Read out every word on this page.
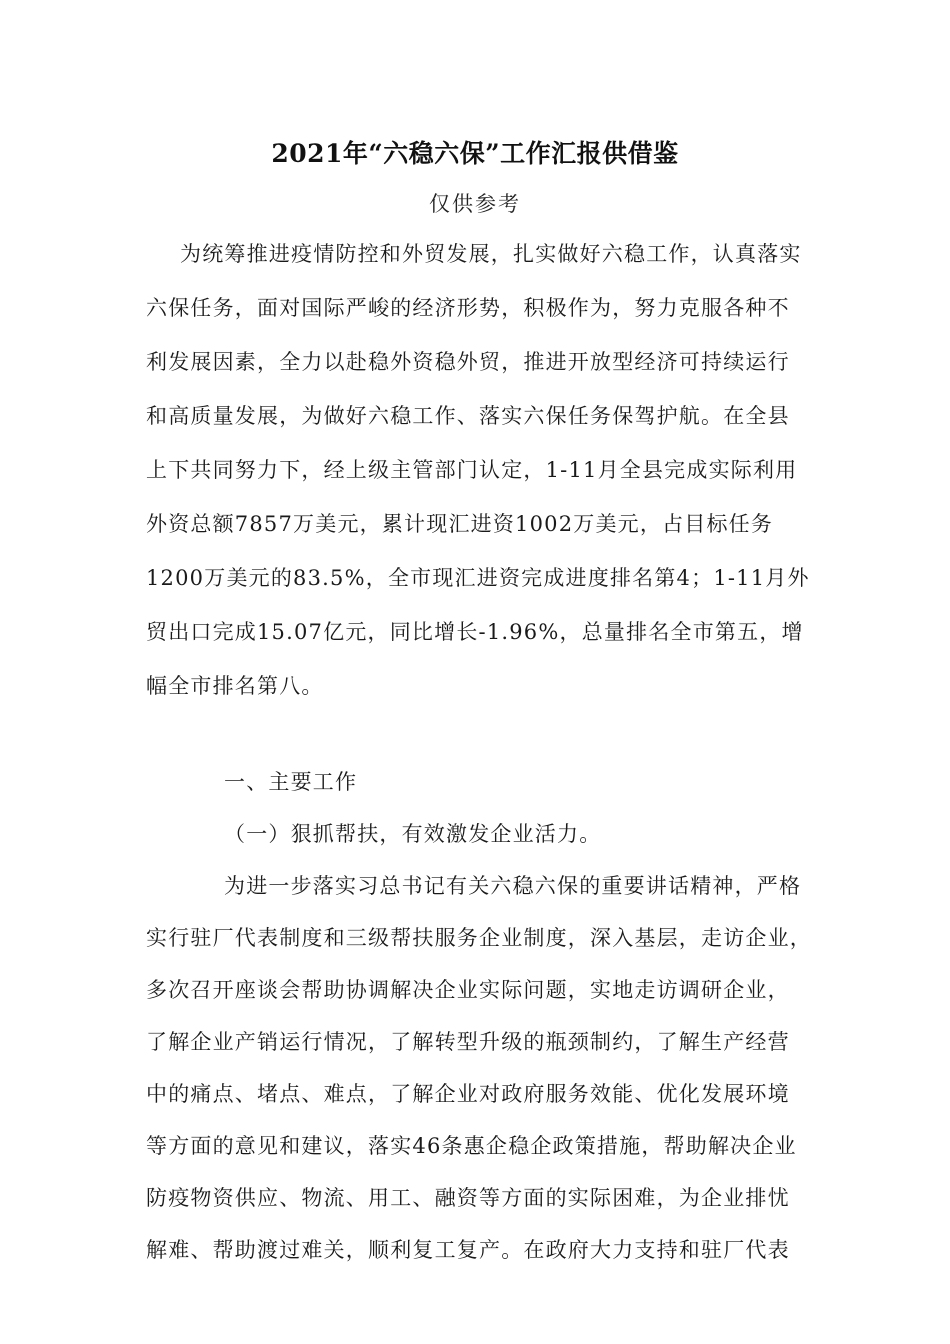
2021年“六稳六保”工作汇报供借鉴
仅供参考
为统筹推进疫情防控和外贸发展，扎实做好六稳工作，认真落实
六保任务，面对国际严峻的经济形势，积极作为，努力克服各种不
利发展因素，全力以赴稳外资稳外贸，推进开放型经济可持续运行
和高质量发展，为做好六稳工作、落实六保任务保驾护航。在全县
上下共同努力下，经上级主管部门认定，1-11月全县完成实际利用
外资总额7857万美元，累计现汇进资1002万美元，占目标任务
1200万美元的83.5%，全市现汇进资完成进度排名第4；1-11月外
贸出口完成15.07亿元，同比增长-1.96%，总量排名全市第五，增
幅全市排名第八。
一、主要工作
（一）狠抓帮扶，有效激发企业活力。
为进一步落实习总书记有关六稳六保的重要讲话精神，严格
实行驻厂代表制度和三级帮扶服务企业制度，深入基层，走访企业，
多次召开座谈会帮助协调解决企业实际问题，实地走访调研企业，
了解企业产销运行情况，了解转型升级的瓶颈制约，了解生产经营
中的痛点、堵点、难点，了解企业对政府服务效能、优化发展环境
等方面的意见和建议，落实46条惠企稳企政策措施，帮助解决企业
防疫物资供应、物流、用工、融资等方面的实际困难，为企业排忧
解难、帮助渡过难关，顺利复工复产。在政府大力支持和驻厂代表
